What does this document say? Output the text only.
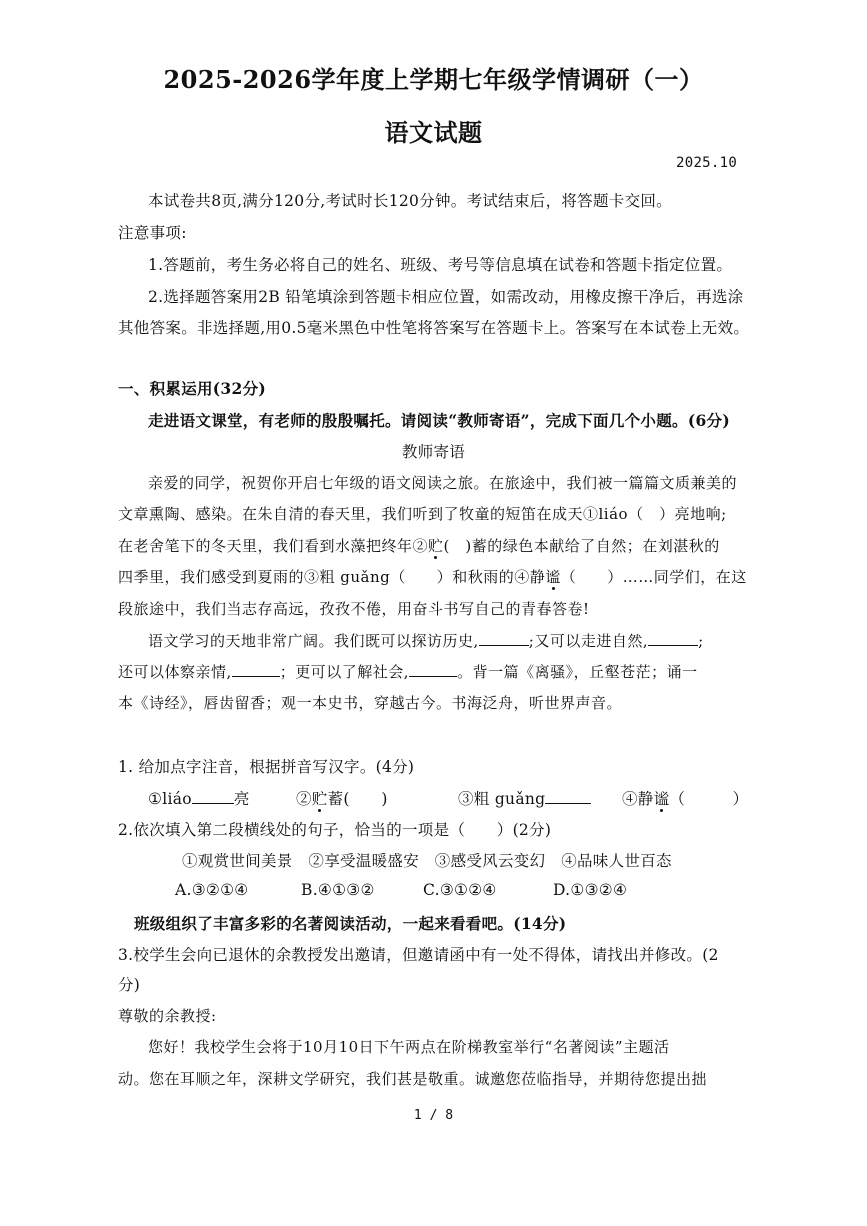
2025-2026学年度上学期七年级学情调研（一）
语文试题
2025.10
本试卷共8页,满分120分,考试时长120分钟。考试结束后，将答题卡交回。
注意事项:
1.答题前，考生务必将自己的姓名、班级、考号等信息填在试卷和答题卡指定位置。
2.选择题答案用2B 铅笔填涂到答题卡相应位置，如需改动，用橡皮擦干净后，再选涂
其他答案。非选择题,用0.5毫米黑色中性笔将答案写在答题卡上。答案写在本试卷上无效。
一、积累运用(32分)
走进语文课堂，有老师的殷殷嘱托。请阅读“教师寄语”，完成下面几个小题。(6分)
教师寄语
亲爱的同学，祝贺你开启七年级的语文阅读之旅。在旅途中，我们被一篇篇文质兼美的
文章熏陶、感染。在朱自清的春天里，我们听到了牧童的短笛在成天①liáo（　）亮地响;
在老舍笔下的冬天里，我们看到水藻把终年②贮(　)蓄的绿色本献给了自然；在刘湛秋的
四季里，我们感受到夏雨的③粗 guǎng（　　）和秋雨的④静谧（　　）……同学们，在这
段旅途中，我们当志存高远，孜孜不倦，用奋斗书写自己的青春答卷!
语文学习的天地非常广阔。我们既可以探访历史,	;又可以走进自然,	;
还可以体察亲情,	；更可以了解社会,	。背一篇《离骚》，丘壑苍茫；诵一
本《诗经》，唇齿留香；观一本史书，穿越古今。书海泛舟，听世界声音。
1. 给加点字注音，根据拼音写汉字。(4分)
①liáo	亮	②贮蓄(　　)	③粗 guǎng	④静谧（　　　）
2.依次填入第二段横线处的句子，恰当的一项是（　　）(2分)
①观赏世间美景　②享受温暖盛安　③感受风云变幻　④品味人世百态
A.③②①④	B.④①③②	C.③①②④	D.①③②④
班级组织了丰富多彩的名著阅读活动，一起来看看吧。(14分)
3.校学生会向已退休的余教授发出邀请，但邀请函中有一处不得体，请找出并修改。(2
分)
尊敬的余教授:
您好！我校学生会将于10月10日下午两点在阶梯教室举行“名著阅读”主题活
动。您在耳顺之年，深耕文学研究，我们甚是敬重。诚邀您莅临指导，并期待您提出拙
1 / 8
